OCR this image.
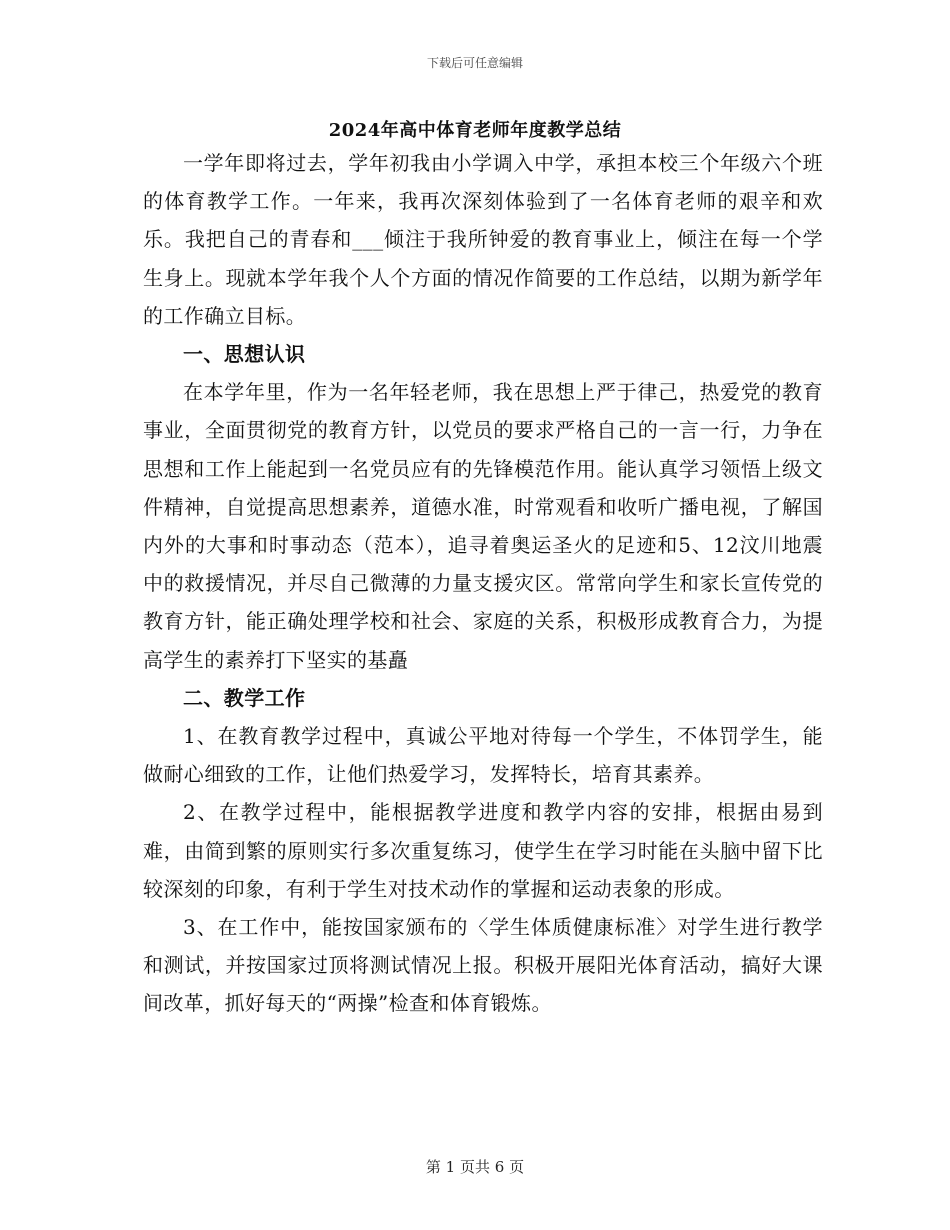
下载后可任意编辑
2024年高中体育老师年度教学总结

一学年即将过去，学年初我由小学调入中学，承担本校三个年级六个班的体育教学工作。一年来，我再次深刻体验到了一名体育老师的艰辛和欢乐。我把自己的青春和___倾注于我所钟爱的教育事业上，倾注在每一个学生身上。现就本学年我个人个方面的情况作简要的工作总结，以期为新学年的工作确立目标。

一、思想认识

在本学年里，作为一名年轻老师，我在思想上严于律己，热爱党的教育事业，全面贯彻党的教育方针，以党员的要求严格自己的一言一行，力争在思想和工作上能起到一名党员应有的先锋模范作用。能认真学习领悟上级文件精神，自觉提高思想素养，道德水准，时常观看和收听广播电视，了解国内外的大事和时事动态（范本），追寻着奥运圣火的足迹和5、12汶川地震中的救援情况，并尽自己微薄的力量支援灾区。常常向学生和家长宣传党的教育方针，能正确处理学校和社会、家庭的关系，积极形成教育合力，为提高学生的素养打下坚实的基矗

二、教学工作

1、在教育教学过程中，真诚公平地对待每一个学生，不体罚学生，能做耐心细致的工作，让他们热爱学习，发挥特长，培育其素养。

2、在教学过程中，能根据教学进度和教学内容的安排，根据由易到难，由简到繁的原则实行多次重复练习，使学生在学习时能在头脑中留下比较深刻的印象，有利于学生对技术动作的掌握和运动表象的形成。

3、在工作中，能按国家颁布的〈学生体质健康标准〉对学生进行教学和测试，并按国家过顶将测试情况上报。积极开展阳光体育活动，搞好大课间改革，抓好每天的“两操”检查和体育锻炼。

第 1 页共 6 页
